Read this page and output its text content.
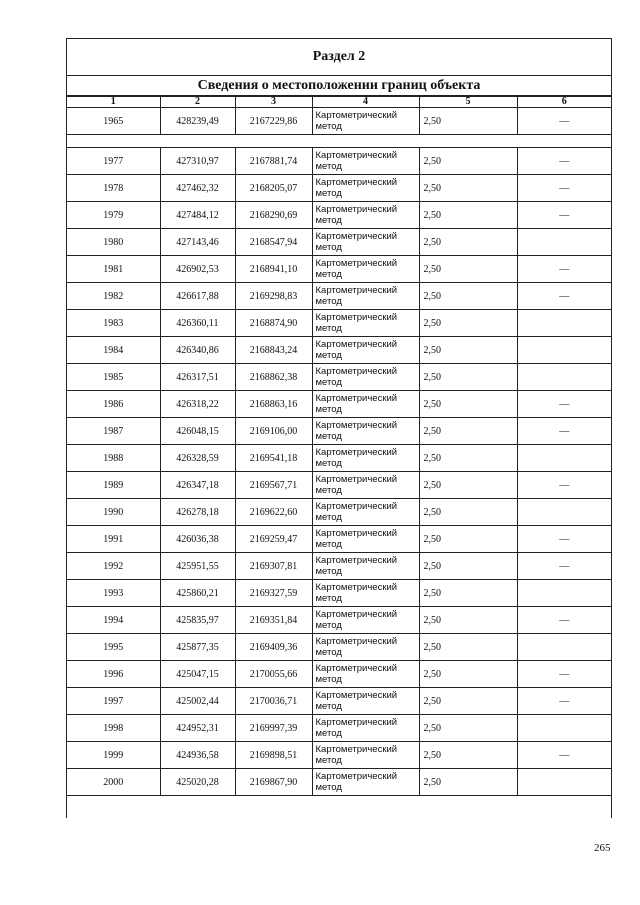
Раздел 2
Сведения о местоположении границ объекта
1	2	3	4	5	6
1965	428239,49	2167229,86	Картометрический метод	2,50	—

1977	427310,97	2167881,74	Картометрический метод	2,50	—
1978	427462,32	2168205,07	Картометрический метод	2,50	—
1979	427484,12	2168290,69	Картометрический метод	2,50	—
1980	427143,46	2168547,94	Картометрический метод	2,50	
1981	426902,53	2168941,10	Картометрический метод	2,50	—
1982	426617,88	2169298,83	Картометрический метод	2,50	—
1983	426360,11	2168874,90	Картометрический метод	2,50	
1984	426340,86	2168843,24	Картометрический метод	2,50	
1985	426317,51	2168862,38	Картометрический метод	2,50	
1986	426318,22	2168863,16	Картометрический метод	2,50	—
1987	426048,15	2169106,00	Картометрический метод	2,50	—
1988	426328,59	2169541,18	Картометрический метод	2,50	
1989	426347,18	2169567,71	Картометрический метод	2,50	—
1990	426278,18	2169622,60	Картометрический метод	2,50	
1991	426036,38	2169259,47	Картометрический метод	2,50	—
1992	425951,55	2169307,81	Картометрический метод	2,50	—
1993	425860,21	2169327,59	Картометрический метод	2,50	
1994	425835,97	2169351,84	Картометрический метод	2,50	—
1995	425877,35	2169409,36	Картометрический метод	2,50	
1996	425047,15	2170055,66	Картометрический метод	2,50	—
1997	425002,44	2170036,71	Картометрический метод	2,50	—
1998	424952,31	2169997,39	Картометрический метод	2,50	
1999	424936,58	2169898,51	Картометрический метод	2,50	—
2000	425020,28	2169867,90	Картометрический метод	2,50	
265
